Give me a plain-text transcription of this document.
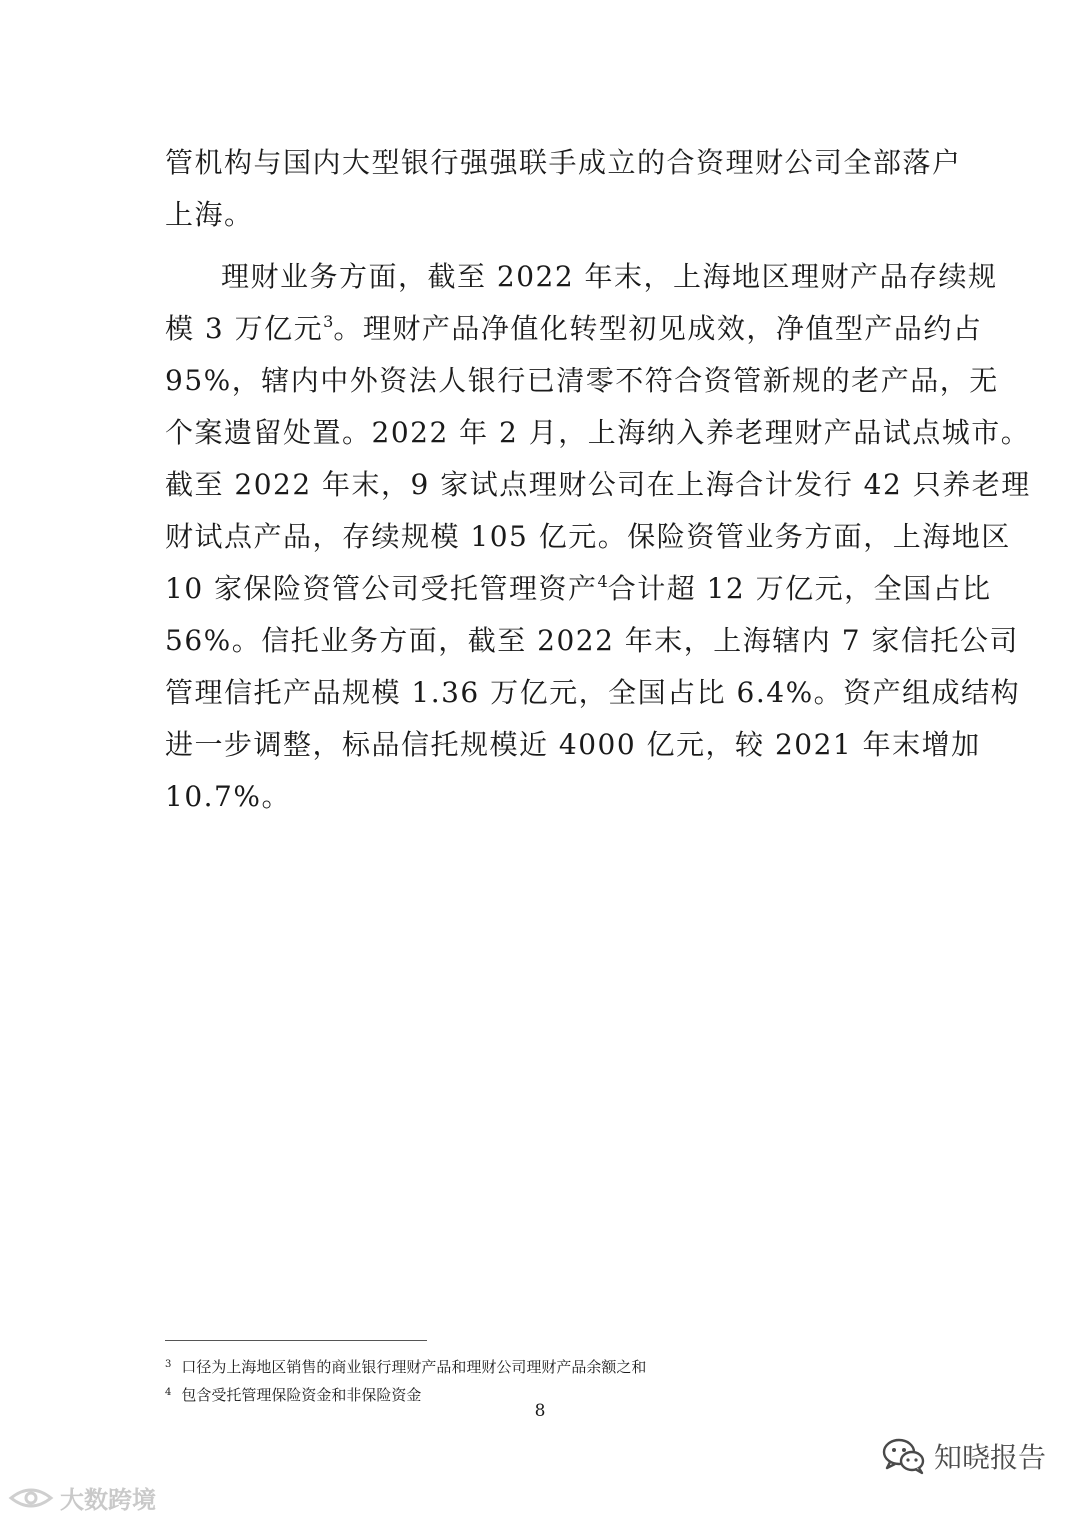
管机构与国内大型银行强强联手成立的合资理财公司全部落户
上海。
理财业务方面，截至 2022 年末，上海地区理财产品存续规
模 3 万亿元$^3$。理财产品净值化转型初见成效，净值型产品约占
95%，辖内中外资法人银行已清零不符合资管新规的老产品，无
个案遗留处置。2022 年 2 月，上海纳入养老理财产品试点城市。
截至 2022 年末，9 家试点理财公司在上海合计发行 42 只养老理
财试点产品，存续规模 105 亿元。保险资管业务方面，上海地区
10 家保险资管公司受托管理资产$^4$合计超 12 万亿元，全国占比
56%。信托业务方面，截至 2022 年末，上海辖内 7 家信托公司
管理信托产品规模 1.36 万亿元，全国占比 6.4%。资产组成结构
进一步调整，标品信托规模近 4000 亿元，较 2021 年末增加
10.7%。
$^3$ 口径为上海地区销售的商业银行理财产品和理财公司理财产品余额之和
$^4$ 包含受托管理保险资金和非保险资金
8
知晓报告
大数跨境
